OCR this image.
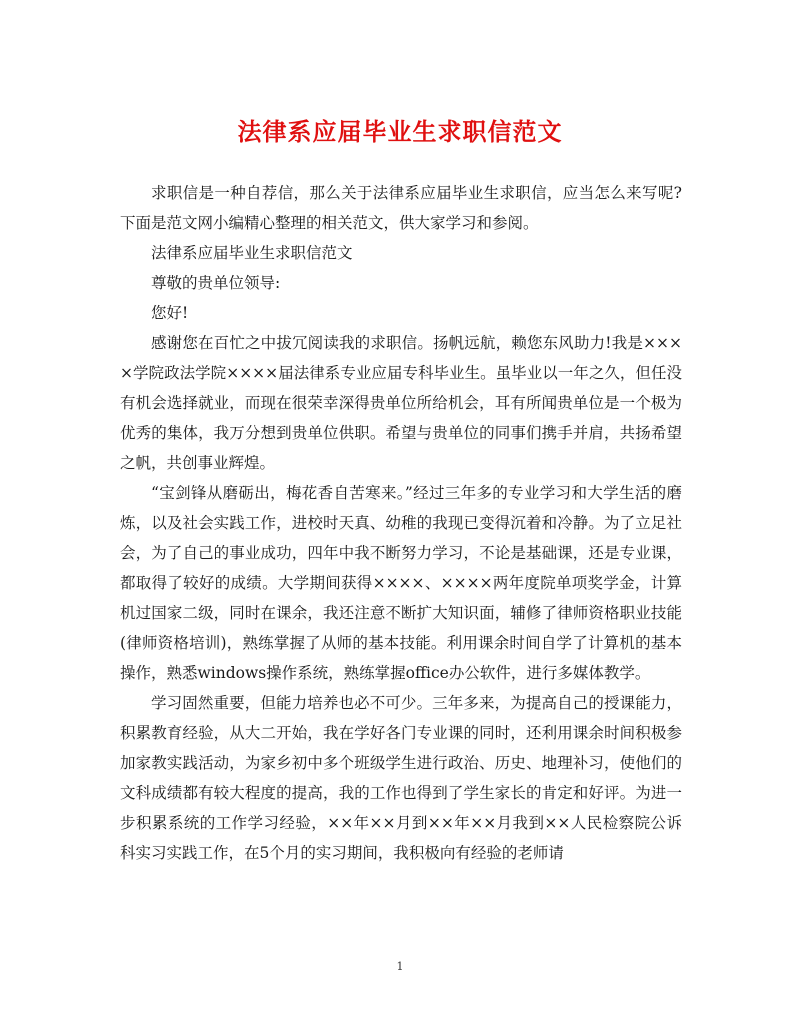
法律系应届毕业生求职信范文

求职信是一种自荐信，那么关于法律系应届毕业生求职信，应当怎么来写呢?下面是范文网小编精心整理的相关范文，供大家学习和参阅。

法律系应届毕业生求职信范文

尊敬的贵单位领导:

您好!

感谢您在百忙之中拔冗阅读我的求职信。扬帆远航，赖您东风助力!我是××××学院政法学院××××届法律系专业应届专科毕业生。虽毕业以一年之久，但任没有机会选择就业，而现在很荣幸深得贵单位所给机会，耳有所闻贵单位是一个极为优秀的集体，我万分想到贵单位供职。希望与贵单位的同事们携手并肩，共扬希望之帆，共创事业辉煌。

“宝剑锋从磨砺出，梅花香自苦寒来。”经过三年多的专业学习和大学生活的磨炼，以及社会实践工作，进校时天真、幼稚的我现已变得沉着和冷静。为了立足社会，为了自己的事业成功，四年中我不断努力学习，不论是基础课，还是专业课，都取得了较好的成绩。大学期间获得××××、××××两年度院单项奖学金，计算机过国家二级，同时在课余，我还注意不断扩大知识面，辅修了律师资格职业技能(律师资格培训)，熟练掌握了从师的基本技能。利用课余时间自学了计算机的基本操作，熟悉windows操作系统，熟练掌握office办公软件，进行多媒体教学。

学习固然重要，但能力培养也必不可少。三年多来，为提高自己的授课能力，积累教育经验，从大二开始，我在学好各门专业课的同时，还利用课余时间积极参加家教实践活动，为家乡初中多个班级学生进行政治、历史、地理补习，使他们的文科成绩都有较大程度的提高，我的工作也得到了学生家长的肯定和好评。为进一步积累系统的工作学习经验，××年××月到××年××月我到××人民检察院公诉科实习实践工作，在5个月的实习期间，我积极向有经验的老师请

1
